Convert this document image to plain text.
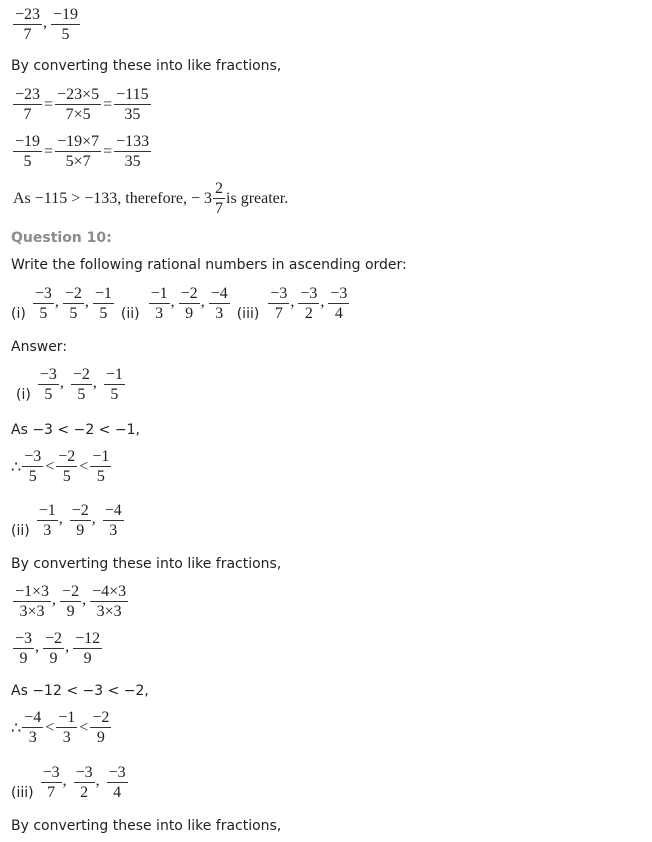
$\frac{-23}{7}$ , $\frac{-19}{5}$
By converting these into like fractions,
$\frac{-23}{7} = \frac{-23\times 5}{7\times 5} = \frac{-115}{35}$
$\frac{-19}{5} = \frac{-19\times 7}{5\times 7} = \frac{-133}{35}$
As −115 > −133, therefore, − $3 \frac{2}{7}$ is greater.
Question 10:
Write the following rational numbers in ascending order:
$(i) \frac{-3}{5}$ , $\frac{-2}{5}$ , $\frac{-1}{5} (ii) \frac{-1}{3}$ , $\frac{-2}{9}$ , $\frac{-4}{3} (iii) \frac{-3}{7}$ , $\frac{-3}{2}$ , $\frac{-3}{4}$
Answer:
$(i) \frac{-3}{5}$ , $\frac{-2}{5}$ , $\frac{-1}{5}$
As −3 < −2 < −1,
∴ $\frac{-3}{5} < \frac{-2}{5} < \frac{-1}{5}$
$(ii) \frac{-1}{3}$ , $\frac{-2}{9}$ , $\frac{-4}{3}$
By converting these into like fractions,
$\frac{-1\times 3}{3\times 3}$ , $\frac{-2}{9}$ , $\frac{-4\times 3}{3\times 3}$
$\frac{-3}{9}$ , $\frac{-2}{9}$ , $\frac{-12}{9}$
As −12 < −3 < −2,
∴ $\frac{-4}{3} < \frac{-1}{3} < \frac{-2}{9}$
$(iii) \frac{-3}{7}$ , $\frac{-3}{2}$ , $\frac{-3}{4}$
By converting these into like fractions,
